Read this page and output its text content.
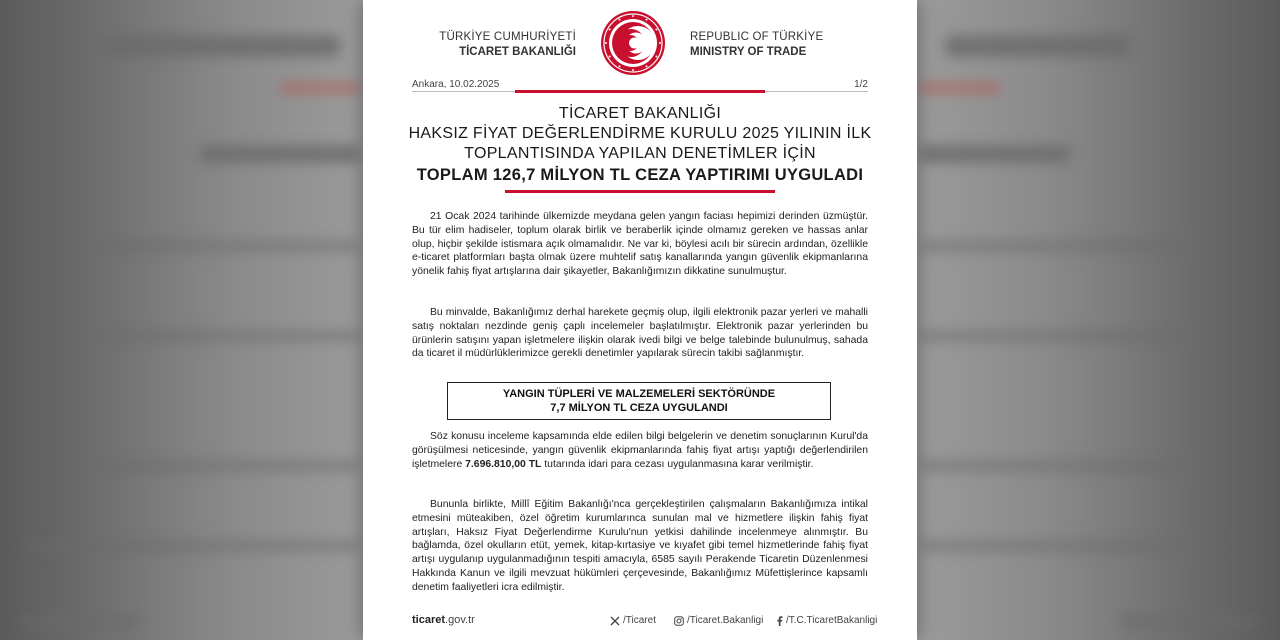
TÜRKİYE CUMHURİYETİ
TİCARET BAKANLIĞI
REPUBLIC OF TÜRKİYE
MINISTRY OF TRADE
Ankara, 10.02.2025	1/2
TİCARET BAKANLIĞI
HAKSIZ FİYAT DEĞERLENDİRME KURULU 2025 YILININ İLK
TOPLANTISINDA YAPILAN DENETİMLER İÇİN
TOPLAM 126,7 MİLYON TL CEZA YAPTIRIMI UYGULADI

21 Ocak 2024 tarihinde ülkemizde meydana gelen yangın faciası hepimizi derinden üzmüştür. Bu tür elim hadiseler, toplum olarak birlik ve beraberlik içinde olmamız gereken ve hassas anlar olup, hiçbir şekilde istismara açık olmamalıdır. Ne var ki, böylesi acılı bir sürecin ardından, özellikle e-ticaret platformları başta olmak üzere muhtelif satış kanallarında yangın güvenlik ekipmanlarına yönelik fahiş fiyat artışlarına dair şikayetler, Bakanlığımızın dikkatine sunulmuştur.

Bu minvalde, Bakanlığımız derhal harekete geçmiş olup, ilgili elektronik pazar yerleri ve mahalli satış noktaları nezdinde geniş çaplı incelemeler başlatılmıştır. Elektronik pazar yerlerinden bu ürünlerin satışını yapan işletmelere ilişkin olarak ivedi bilgi ve belge talebinde bulunulmuş, sahada da ticaret il müdürlüklerimizce gerekli denetimler yapılarak sürecin takibi sağlanmıştır.

YANGIN TÜPLERİ VE MALZEMELERİ SEKTÖRÜNDE
7,7 MİLYON TL CEZA UYGULANDI

Söz konusu inceleme kapsamında elde edilen bilgi belgelerin ve denetim sonuçlarının Kurul'da görüşülmesi neticesinde, yangın güvenlik ekipmanlarında fahiş fiyat artışı yaptığı değerlendirilen işletmelere 7.696.810,00 TL tutarında idari para cezası uygulanmasına karar verilmiştir.

Bununla birlikte, Millî Eğitim Bakanlığı'nca gerçekleştirilen çalışmaların Bakanlığımıza intikal etmesini müteakiben, özel öğretim kurumlarınca sunulan mal ve hizmetlere ilişkin fahiş fiyat artışları, Haksız Fiyat Değerlendirme Kurulu'nun yetkisi dahilinde incelenmeye alınmıştır. Bu bağlamda, özel okulların etüt, yemek, kitap-kırtasiye ve kıyafet gibi temel hizmetlerinde fahiş fiyat artışı uygulanıp uygulanmadığının tespiti amacıyla, 6585 sayılı Perakende Ticaretin Düzenlenmesi Hakkında Kanun ve ilgili mevzuat hükümleri çerçevesinde, Bakanlığımız Müfettişlerince kapsamlı denetim faaliyetleri icra edilmiştir.

ticaret.gov.tr	/Ticaret	/Ticaret.Bakanligi /T.C.TicaretBakanligi
